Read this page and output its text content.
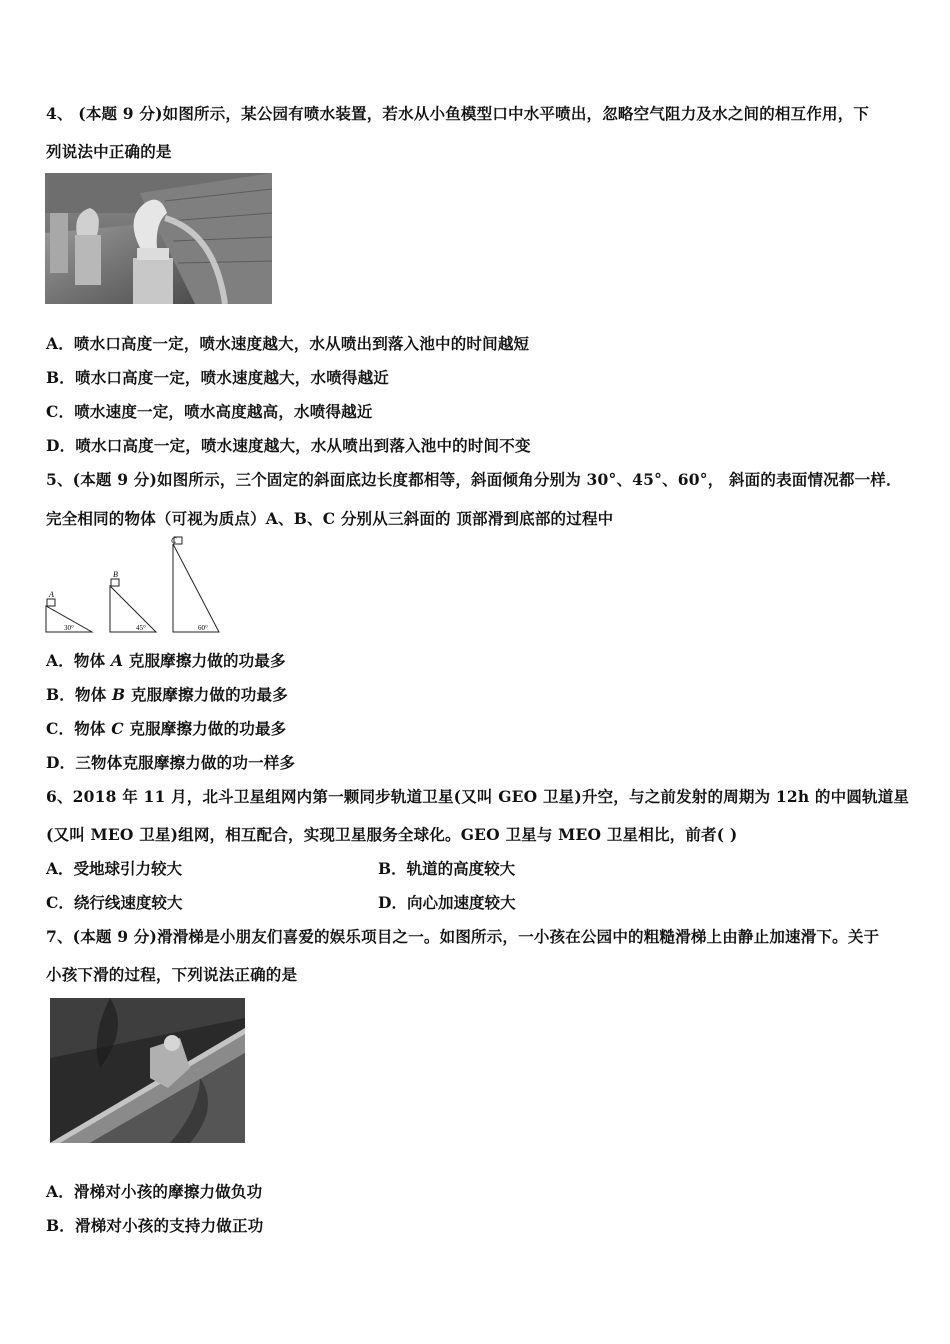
4、 (本题 9 分)如图所示，某公园有喷水装置，若水从小鱼模型口中水平喷出，忽略空气阻力及水之间的相互作用，下
列说法中正确的是
A．喷水口高度一定，喷水速度越大，水从喷出到落入池中的时间越短
B．喷水口高度一定，喷水速度越大，水喷得越近
C．喷水速度一定，喷水高度越高，水喷得越近
D．喷水口高度一定，喷水速度越大，水从喷出到落入池中的时间不变
5、(本题 9 分)如图所示，三个固定的斜面底边长度都相等，斜面倾角分别为 30°、45°、60°， 斜面的表面情况都一样．
完全相同的物体（可视为质点）A、B、C 分别从三斜面的 顶部滑到底部的过程中
A
B
C
30°	45°	60°
A．物体 A 克服摩擦力做的功最多
B．物体 B 克服摩擦力做的功最多
C．物体 C 克服摩擦力做的功最多
D．三物体克服摩擦力做的功一样多
6、2018 年 11 月，北斗卫星组网内第一颗同步轨道卫星(又叫 GEO 卫星)升空，与之前发射的周期为 12h 的中圆轨道星
(又叫 MEO 卫星)组网，相互配合，实现卫星服务全球化。GEO 卫星与 MEO 卫星相比，前者( )
A．受地球引力较大	B．轨道的高度较大
C．绕行线速度较大	D．向心加速度较大
7、(本题 9 分)滑滑梯是小朋友们喜爱的娱乐项目之一。如图所示，一小孩在公园中的粗糙滑梯上由静止加速滑下。关于
小孩下滑的过程，下列说法正确的是
A．滑梯对小孩的摩擦力做负功
B．滑梯对小孩的支持力做正功
